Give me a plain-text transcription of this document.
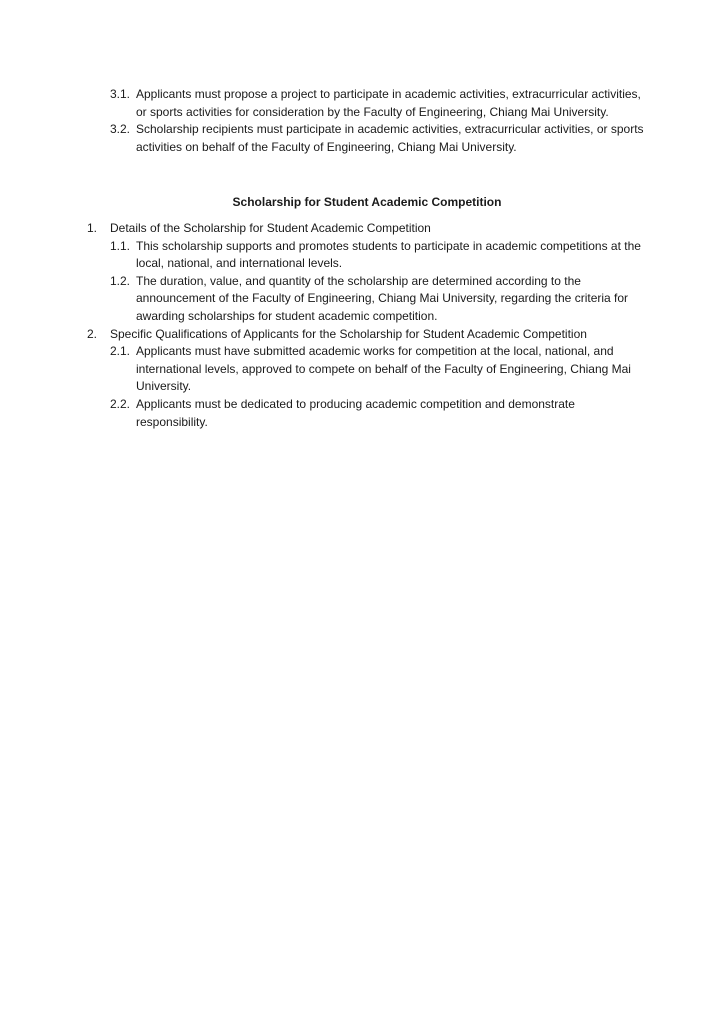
3.1. Applicants must propose a project to participate in academic activities, extracurricular activities, or sports activities for consideration by the Faculty of Engineering, Chiang Mai University.
3.2. Scholarship recipients must participate in academic activities, extracurricular activities, or sports activities on behalf of the Faculty of Engineering, Chiang Mai University.
Scholarship for Student Academic Competition
1. Details of the Scholarship for Student Academic Competition
1.1. This scholarship supports and promotes students to participate in academic competitions at the local, national, and international levels.
1.2. The duration, value, and quantity of the scholarship are determined according to the announcement of the Faculty of Engineering, Chiang Mai University, regarding the criteria for awarding scholarships for student academic competition.
2. Specific Qualifications of Applicants for the Scholarship for Student Academic Competition
2.1. Applicants must have submitted academic works for competition at the local, national, and international levels, approved to compete on behalf of the Faculty of Engineering, Chiang Mai University.
2.2. Applicants must be dedicated to producing academic competition and demonstrate responsibility.
